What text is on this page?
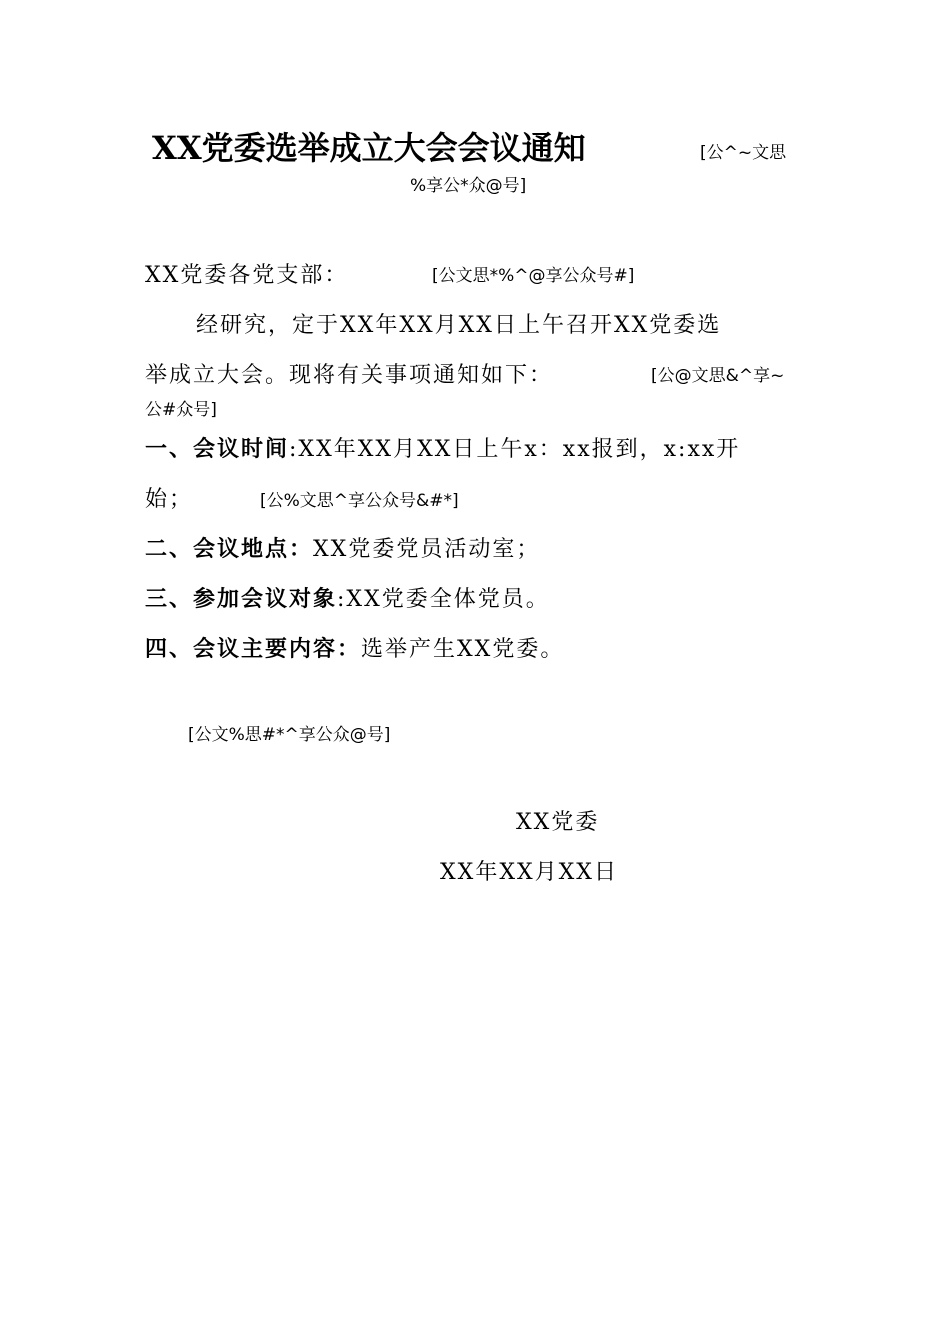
XX党委选举成立大会会议通知	[公^~文思
%享公*众@号]
XX党委各党支部：	[公文思*%^@享公众号#]
经研究，定于XX年XX月XX日上午召开XX党委选
举成立大会。现将有关事项通知如下：	[公@文思&^享~
公#众号]
一、会议时间:XX年XX月XX日上午x：xx报到，x:xx开
始；	[公%文思^享公众号&#*]
二、会议地点：XX党委党员活动室；
三、参加会议对象:XX党委全体党员。
四、会议主要内容：选举产生XX党委。
[公文%思#*^享公众@号]
XX党委
XX年XX月XX日
